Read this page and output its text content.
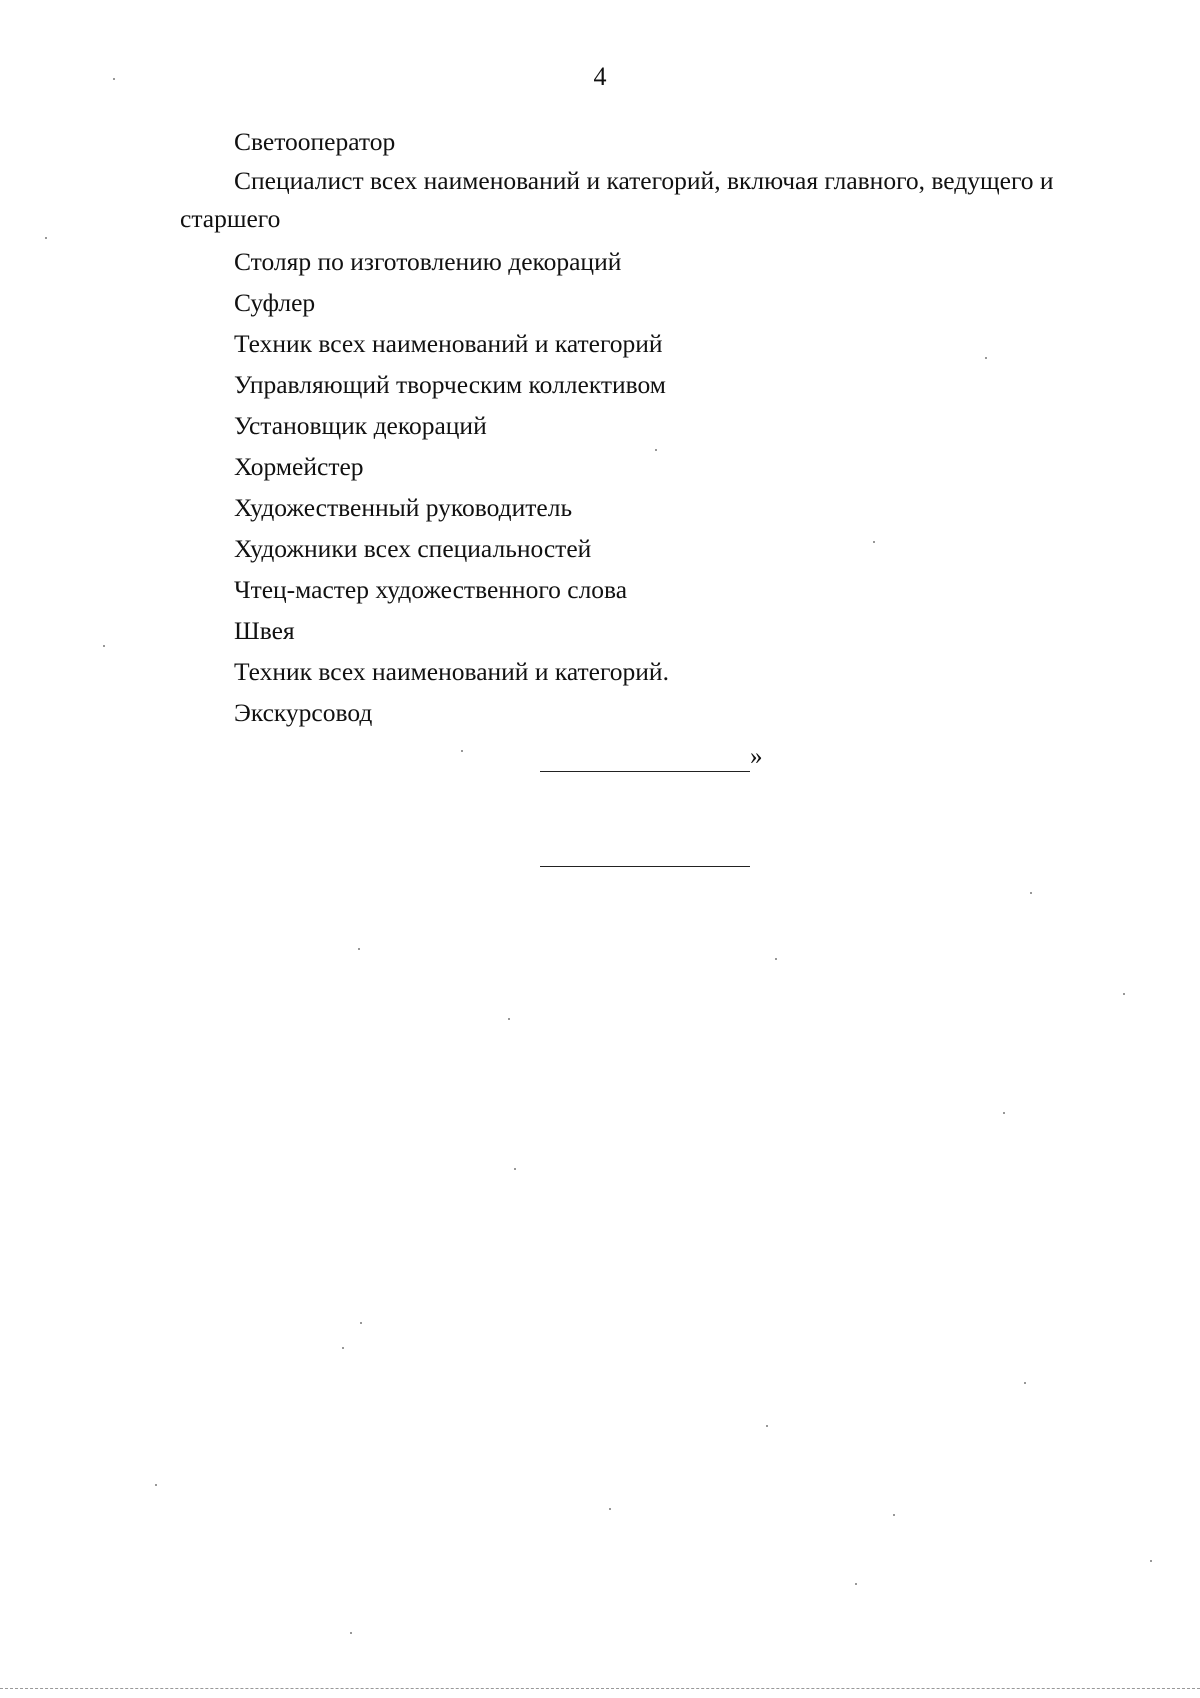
4

Светооператор

Специалист всех наименований и категорий, включая главного, ведущего и старшего

Столяр по изготовлению декораций

Суфлер

Техник всех наименований и категорий

Управляющий творческим коллективом

Установщик декораций

Хормейстер

Художественный руководитель

Художники всех специальностей

Чтец-мастер художественного слова

Швея

Техник всех наименований и категорий.

Экскурсовод

»
